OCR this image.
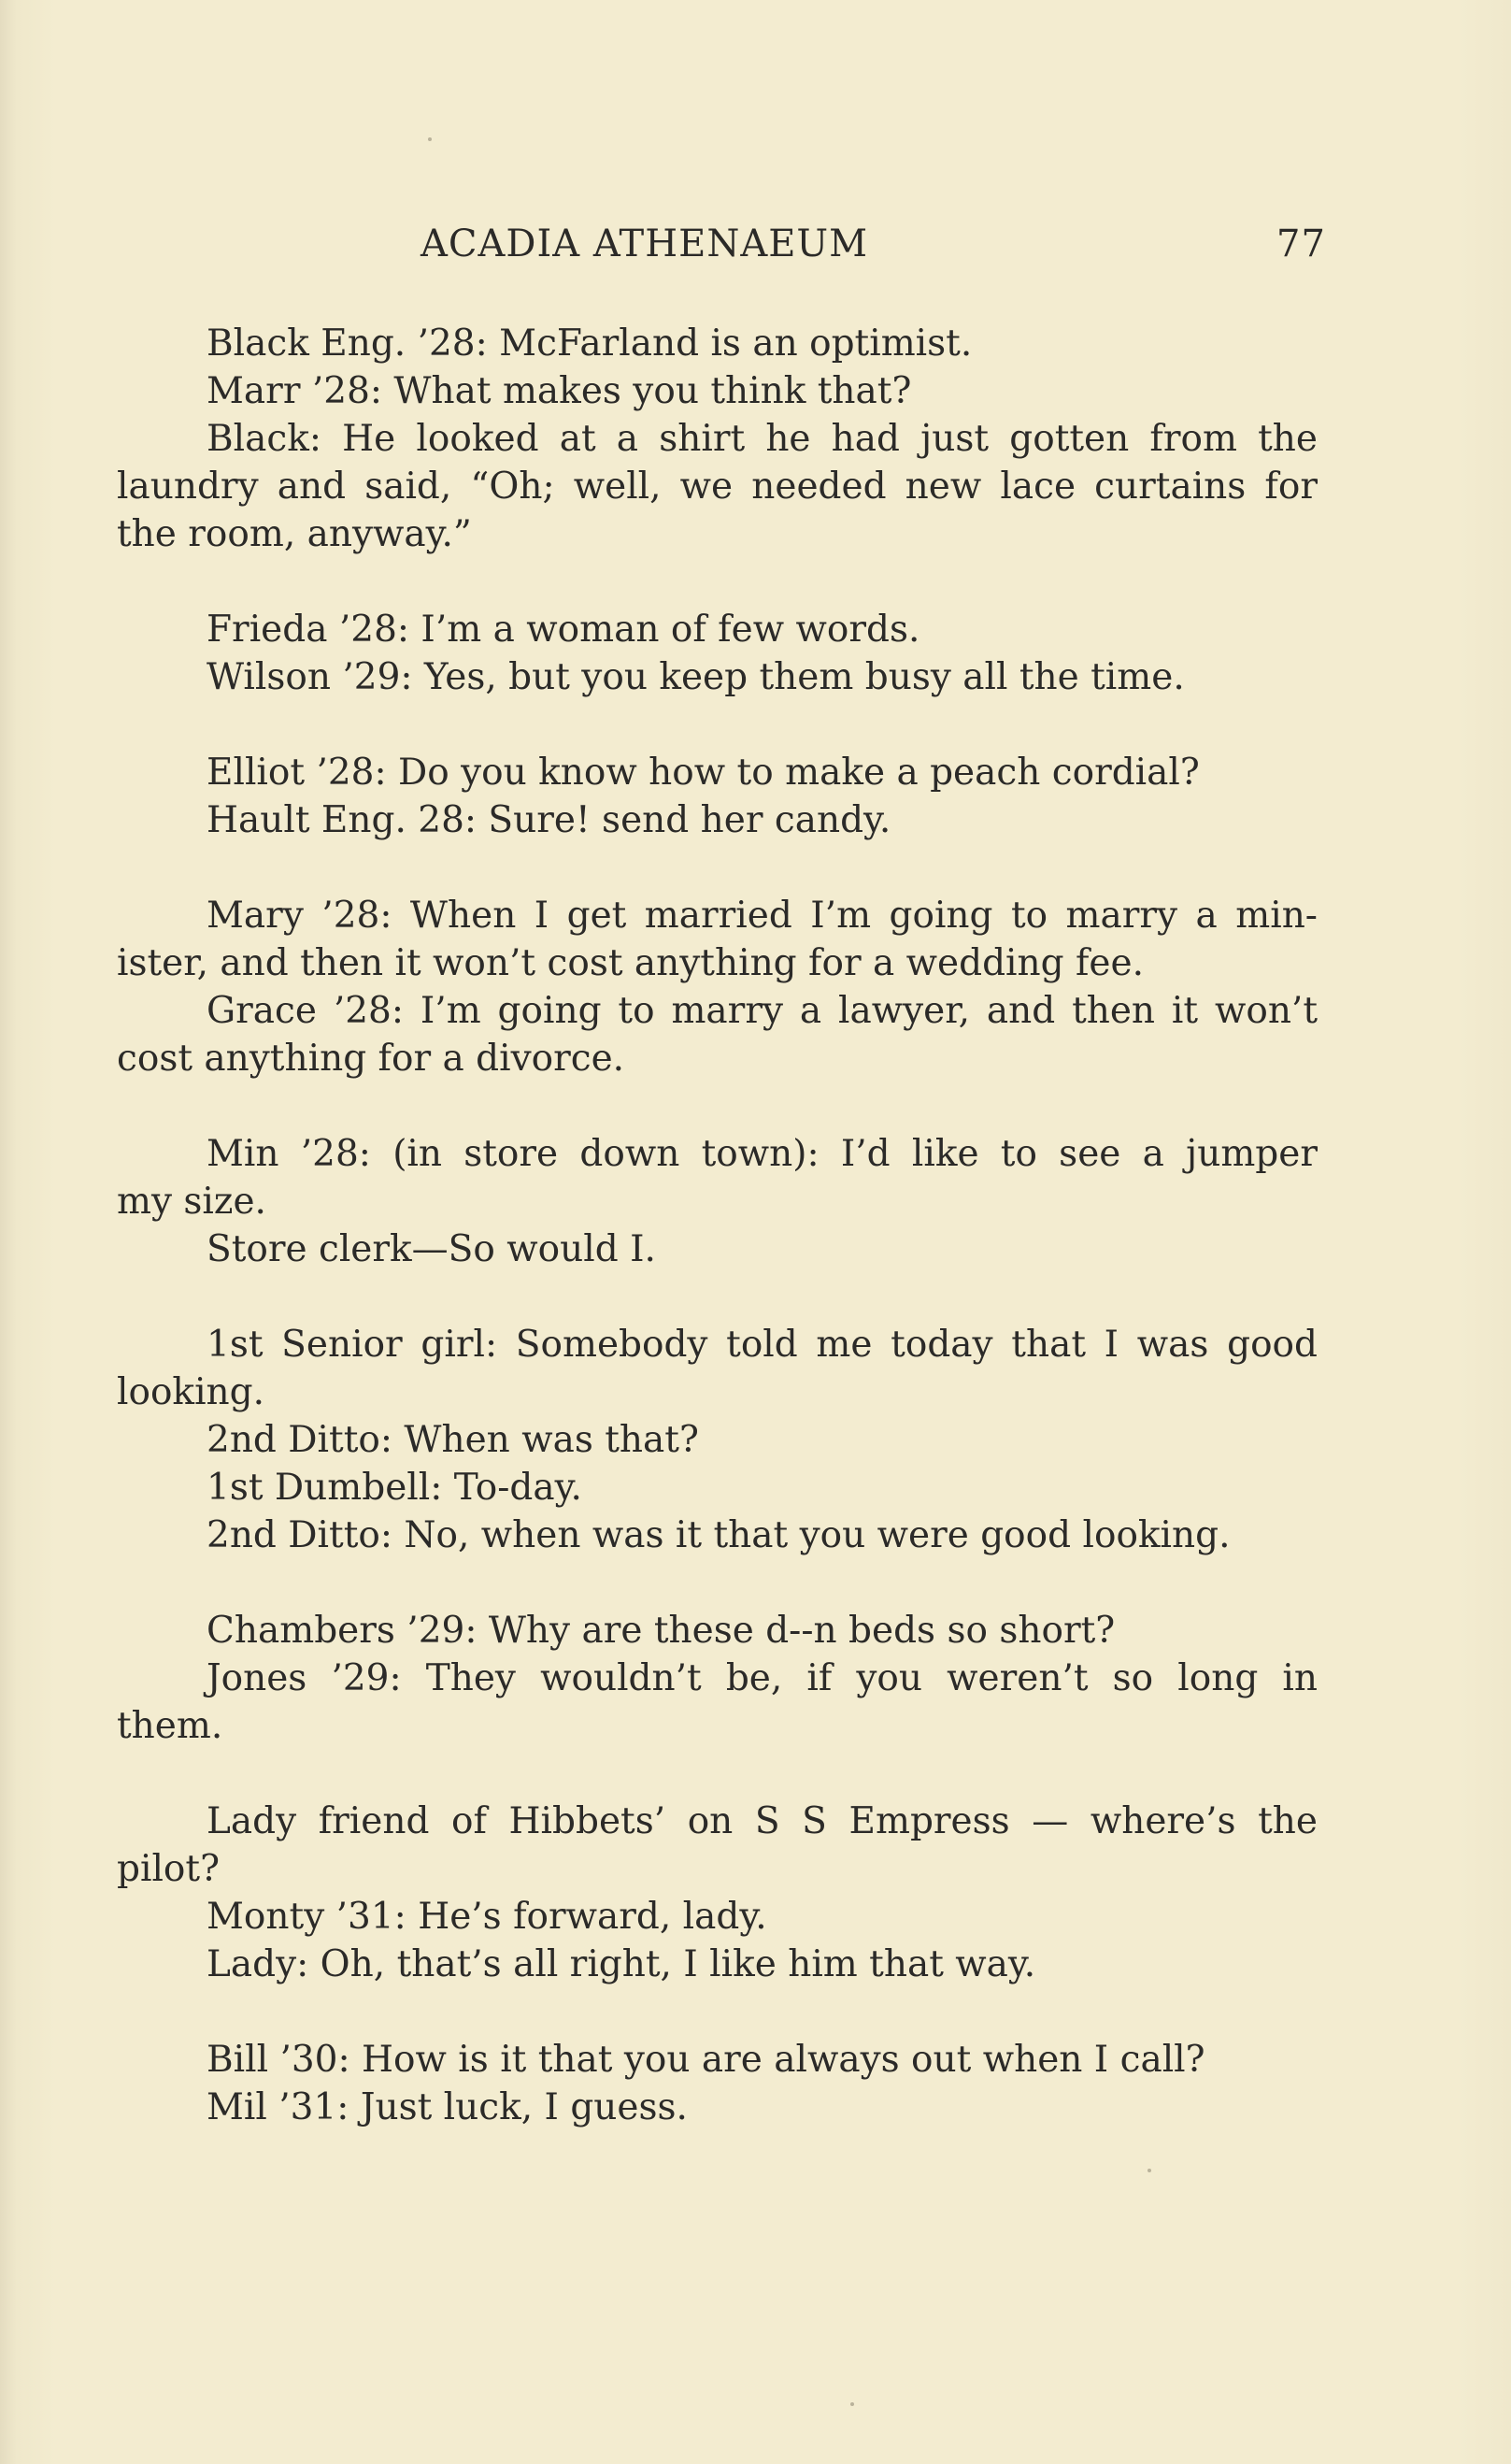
ACADIA ATHENAEUM	77

Black Eng. ’28: McFarland is an optimist.

Marr ’28: What makes you think that?

Black: He looked at a shirt he had just gotten from the

laundry and said, “Oh; well, we needed new lace curtains for

the room, anyway.”

Frieda ’28: I’m a woman of few words.

Wilson ’29: Yes, but you keep them busy all the time.

Elliot ’28: Do you know how to make a peach cordial?

Hault Eng. 28: Sure! send her candy.

Mary ’28: When I get married I’m going to marry a min-

ister, and then it won’t cost anything for a wedding fee.

Grace ’28: I’m going to marry a lawyer, and then it won’t

cost anything for a divorce.

Min ’28: (in store down town): I’d like to see a jumper

my size.

Store clerk—So would I.

1st Senior girl: Somebody told me today that I was good

looking.

2nd Ditto: When was that?

1st Dumbell: To-day.

2nd Ditto: No, when was it that you were good looking.

Chambers ’29: Why are these d--n beds so short?

Jones ’29: They wouldn’t be, if you weren’t so long in

them.

Lady friend of Hibbets’ on S S Empress — where’s the

pilot?

Monty ’31: He’s forward, lady.

Lady: Oh, that’s all right, I like him that way.

Bill ’30: How is it that you are always out when I call?

Mil ’31: Just luck, I guess.
